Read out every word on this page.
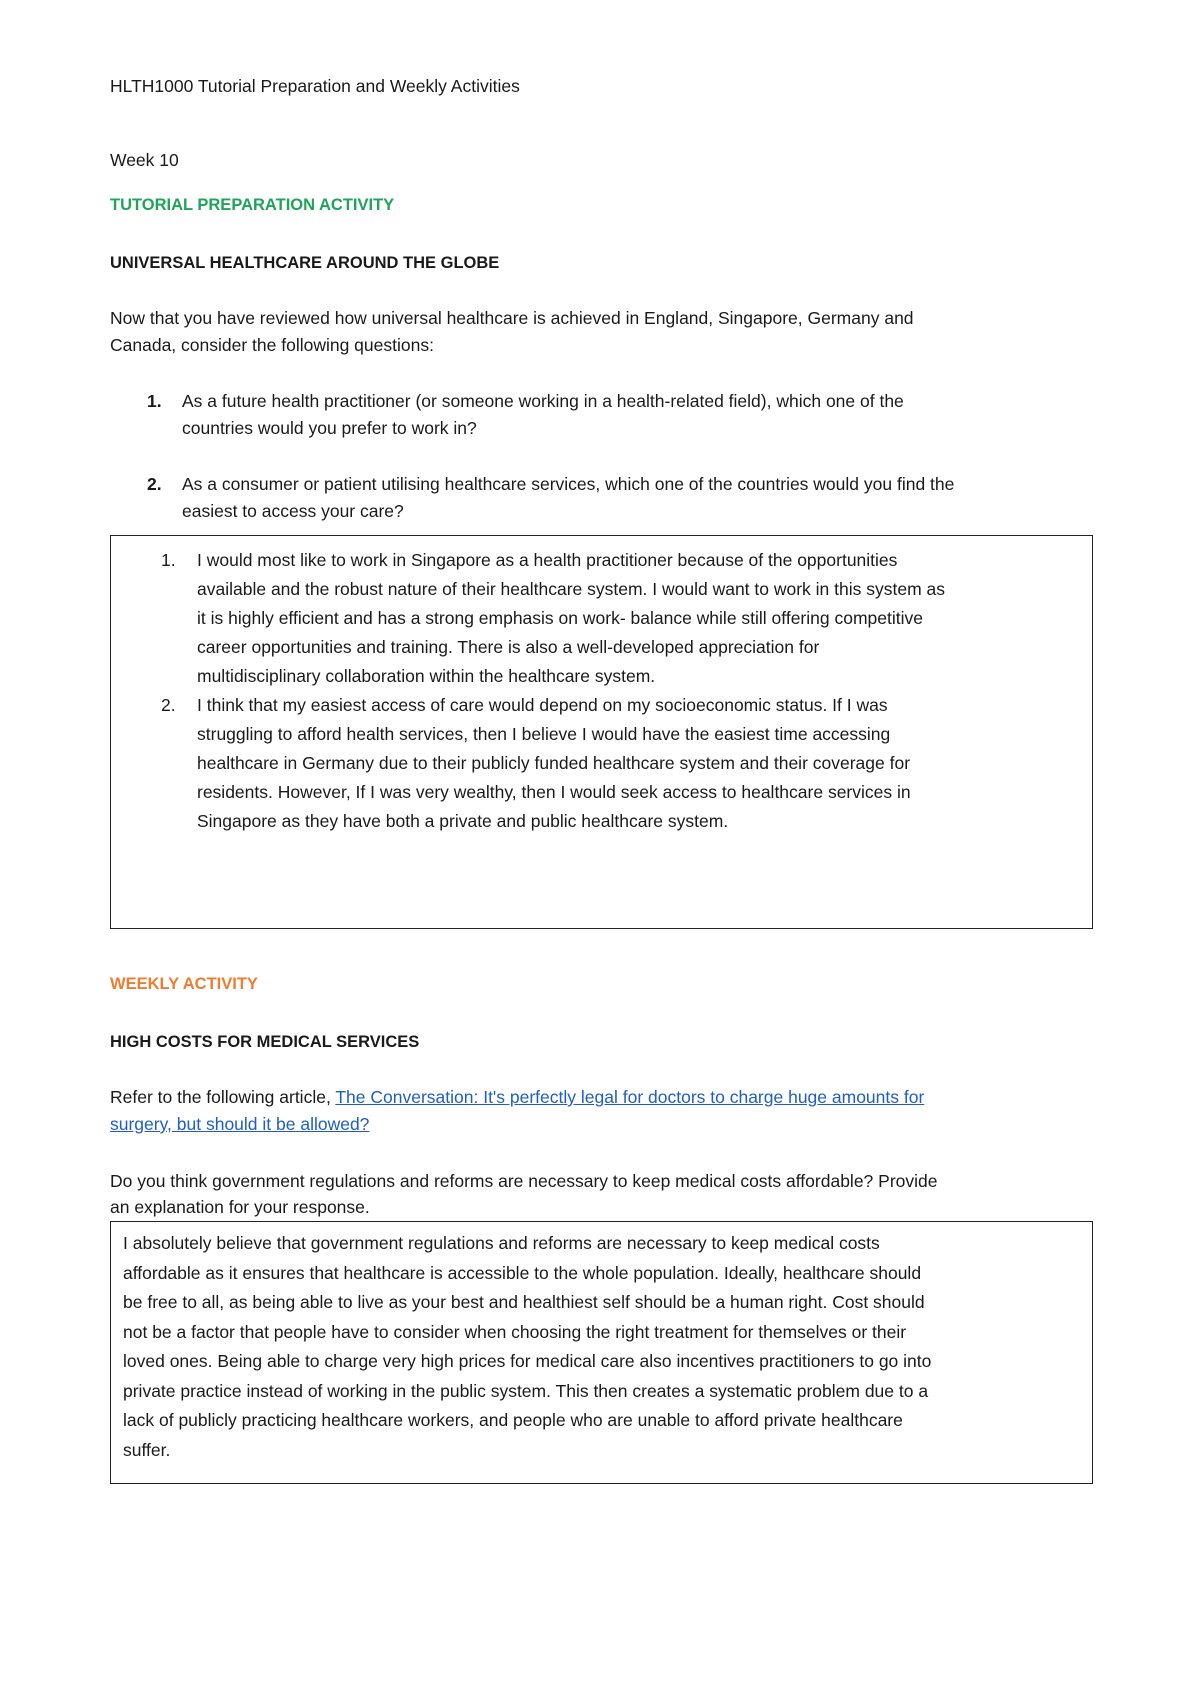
HLTH1000 Tutorial Preparation and Weekly Activities
Week 10
TUTORIAL PREPARATION ACTIVITY
UNIVERSAL HEALTHCARE AROUND THE GLOBE
Now that you have reviewed how universal healthcare is achieved in England, Singapore, Germany and
Canada, consider the following questions:
1. As a future health practitioner (or someone working in a health-related field), which one of the
countries would you prefer to work in?
2. As a consumer or patient utilising healthcare services, which one of the countries would you find the
easiest to access your care?
1. I would most like to work in Singapore as a health practitioner because of the opportunities
available and the robust nature of their healthcare system. I would want to work in this system as
it is highly efficient and has a strong emphasis on work- balance while still offering competitive
career opportunities and training. There is also a well-developed appreciation for
multidisciplinary collaboration within the healthcare system.
2. I think that my easiest access of care would depend on my socioeconomic status. If I was
struggling to afford health services, then I believe I would have the easiest time accessing
healthcare in Germany due to their publicly funded healthcare system and their coverage for
residents. However, If I was very wealthy, then I would seek access to healthcare services in
Singapore as they have both a private and public healthcare system.
WEEKLY ACTIVITY
HIGH COSTS FOR MEDICAL SERVICES
Refer to the following article, The Conversation: It's perfectly legal for doctors to charge huge amounts for
surgery, but should it be allowed?
Do you think government regulations and reforms are necessary to keep medical costs affordable? Provide
an explanation for your response.
I absolutely believe that government regulations and reforms are necessary to keep medical costs
affordable as it ensures that healthcare is accessible to the whole population. Ideally, healthcare should
be free to all, as being able to live as your best and healthiest self should be a human right. Cost should
not be a factor that people have to consider when choosing the right treatment for themselves or their
loved ones. Being able to charge very high prices for medical care also incentives practitioners to go into
private practice instead of working in the public system. This then creates a systematic problem due to a
lack of publicly practicing healthcare workers, and people who are unable to afford private healthcare
suffer.
